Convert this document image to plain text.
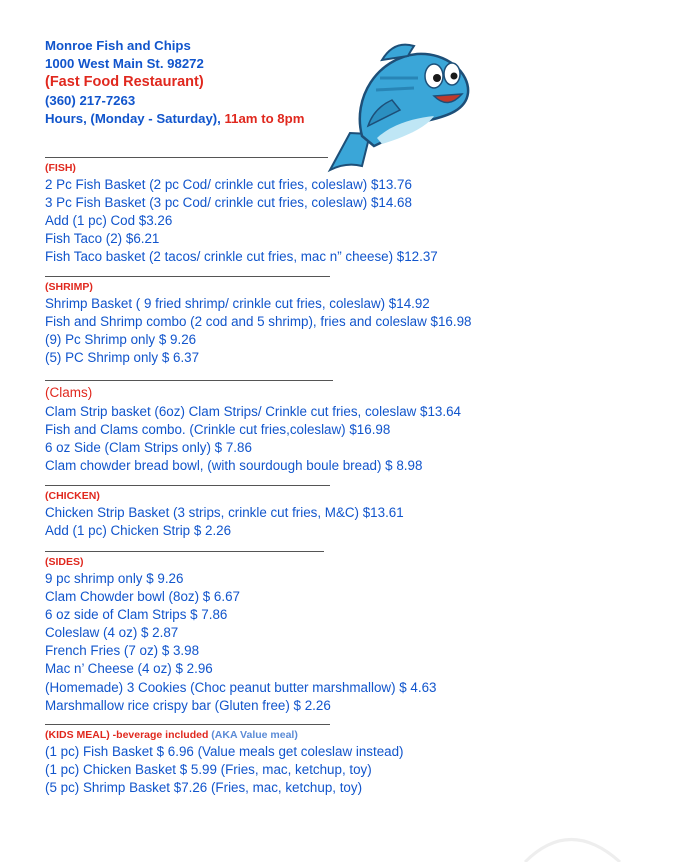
Monroe Fish and Chips
1000 West Main St. 98272
(Fast Food Restaurant)
(360) 217-7263
Hours, (Monday - Saturday), 11am to 8pm
(FISH)
2 Pc Fish Basket (2 pc Cod/ crinkle cut fries, coleslaw) $13.76
3 Pc Fish Basket (3 pc Cod/ crinkle cut fries, coleslaw) $14.68
Add (1 pc) Cod $3.26
Fish Taco (2) $6.21
Fish Taco basket (2 tacos/ crinkle cut fries, mac n” cheese) $12.37
(SHRIMP)
Shrimp Basket ( 9 fried shrimp/ crinkle cut fries, coleslaw) $14.92
Fish and Shrimp combo (2 cod and 5 shrimp), fries and coleslaw $16.98
(9) Pc Shrimp only $ 9.26
(5) PC Shrimp only $ 6.37
(Clams)
Clam Strip basket (6oz) Clam Strips/ Crinkle cut fries, coleslaw $13.64
Fish and Clams combo. (Crinkle cut fries,coleslaw) $16.98
6 oz Side (Clam Strips only) $ 7.86
Clam chowder bread bowl, (with sourdough boule bread) $ 8.98
(CHICKEN)
Chicken Strip Basket (3 strips, crinkle cut fries, M&C) $13.61
Add (1 pc) Chicken Strip $ 2.26
(SIDES)
9 pc shrimp only $ 9.26
Clam Chowder bowl (8oz) $ 6.67
6 oz side of Clam Strips $ 7.86
Coleslaw (4 oz) $ 2.87
French Fries (7 oz) $ 3.98
Mac n’ Cheese (4 oz) $ 2.96
(Homemade) 3 Cookies (Choc peanut butter marshmallow) $ 4.63
Marshmallow rice crispy bar (Gluten free) $ 2.26
(KIDS MEAL) -beverage included (AKA Value meal)
(1 pc) Fish Basket $ 6.96 (Value meals get coleslaw instead)
(1 pc) Chicken Basket $ 5.99 (Fries, mac, ketchup, toy)
(5 pc) Shrimp Basket $7.26 (Fries, mac, ketchup, toy)
